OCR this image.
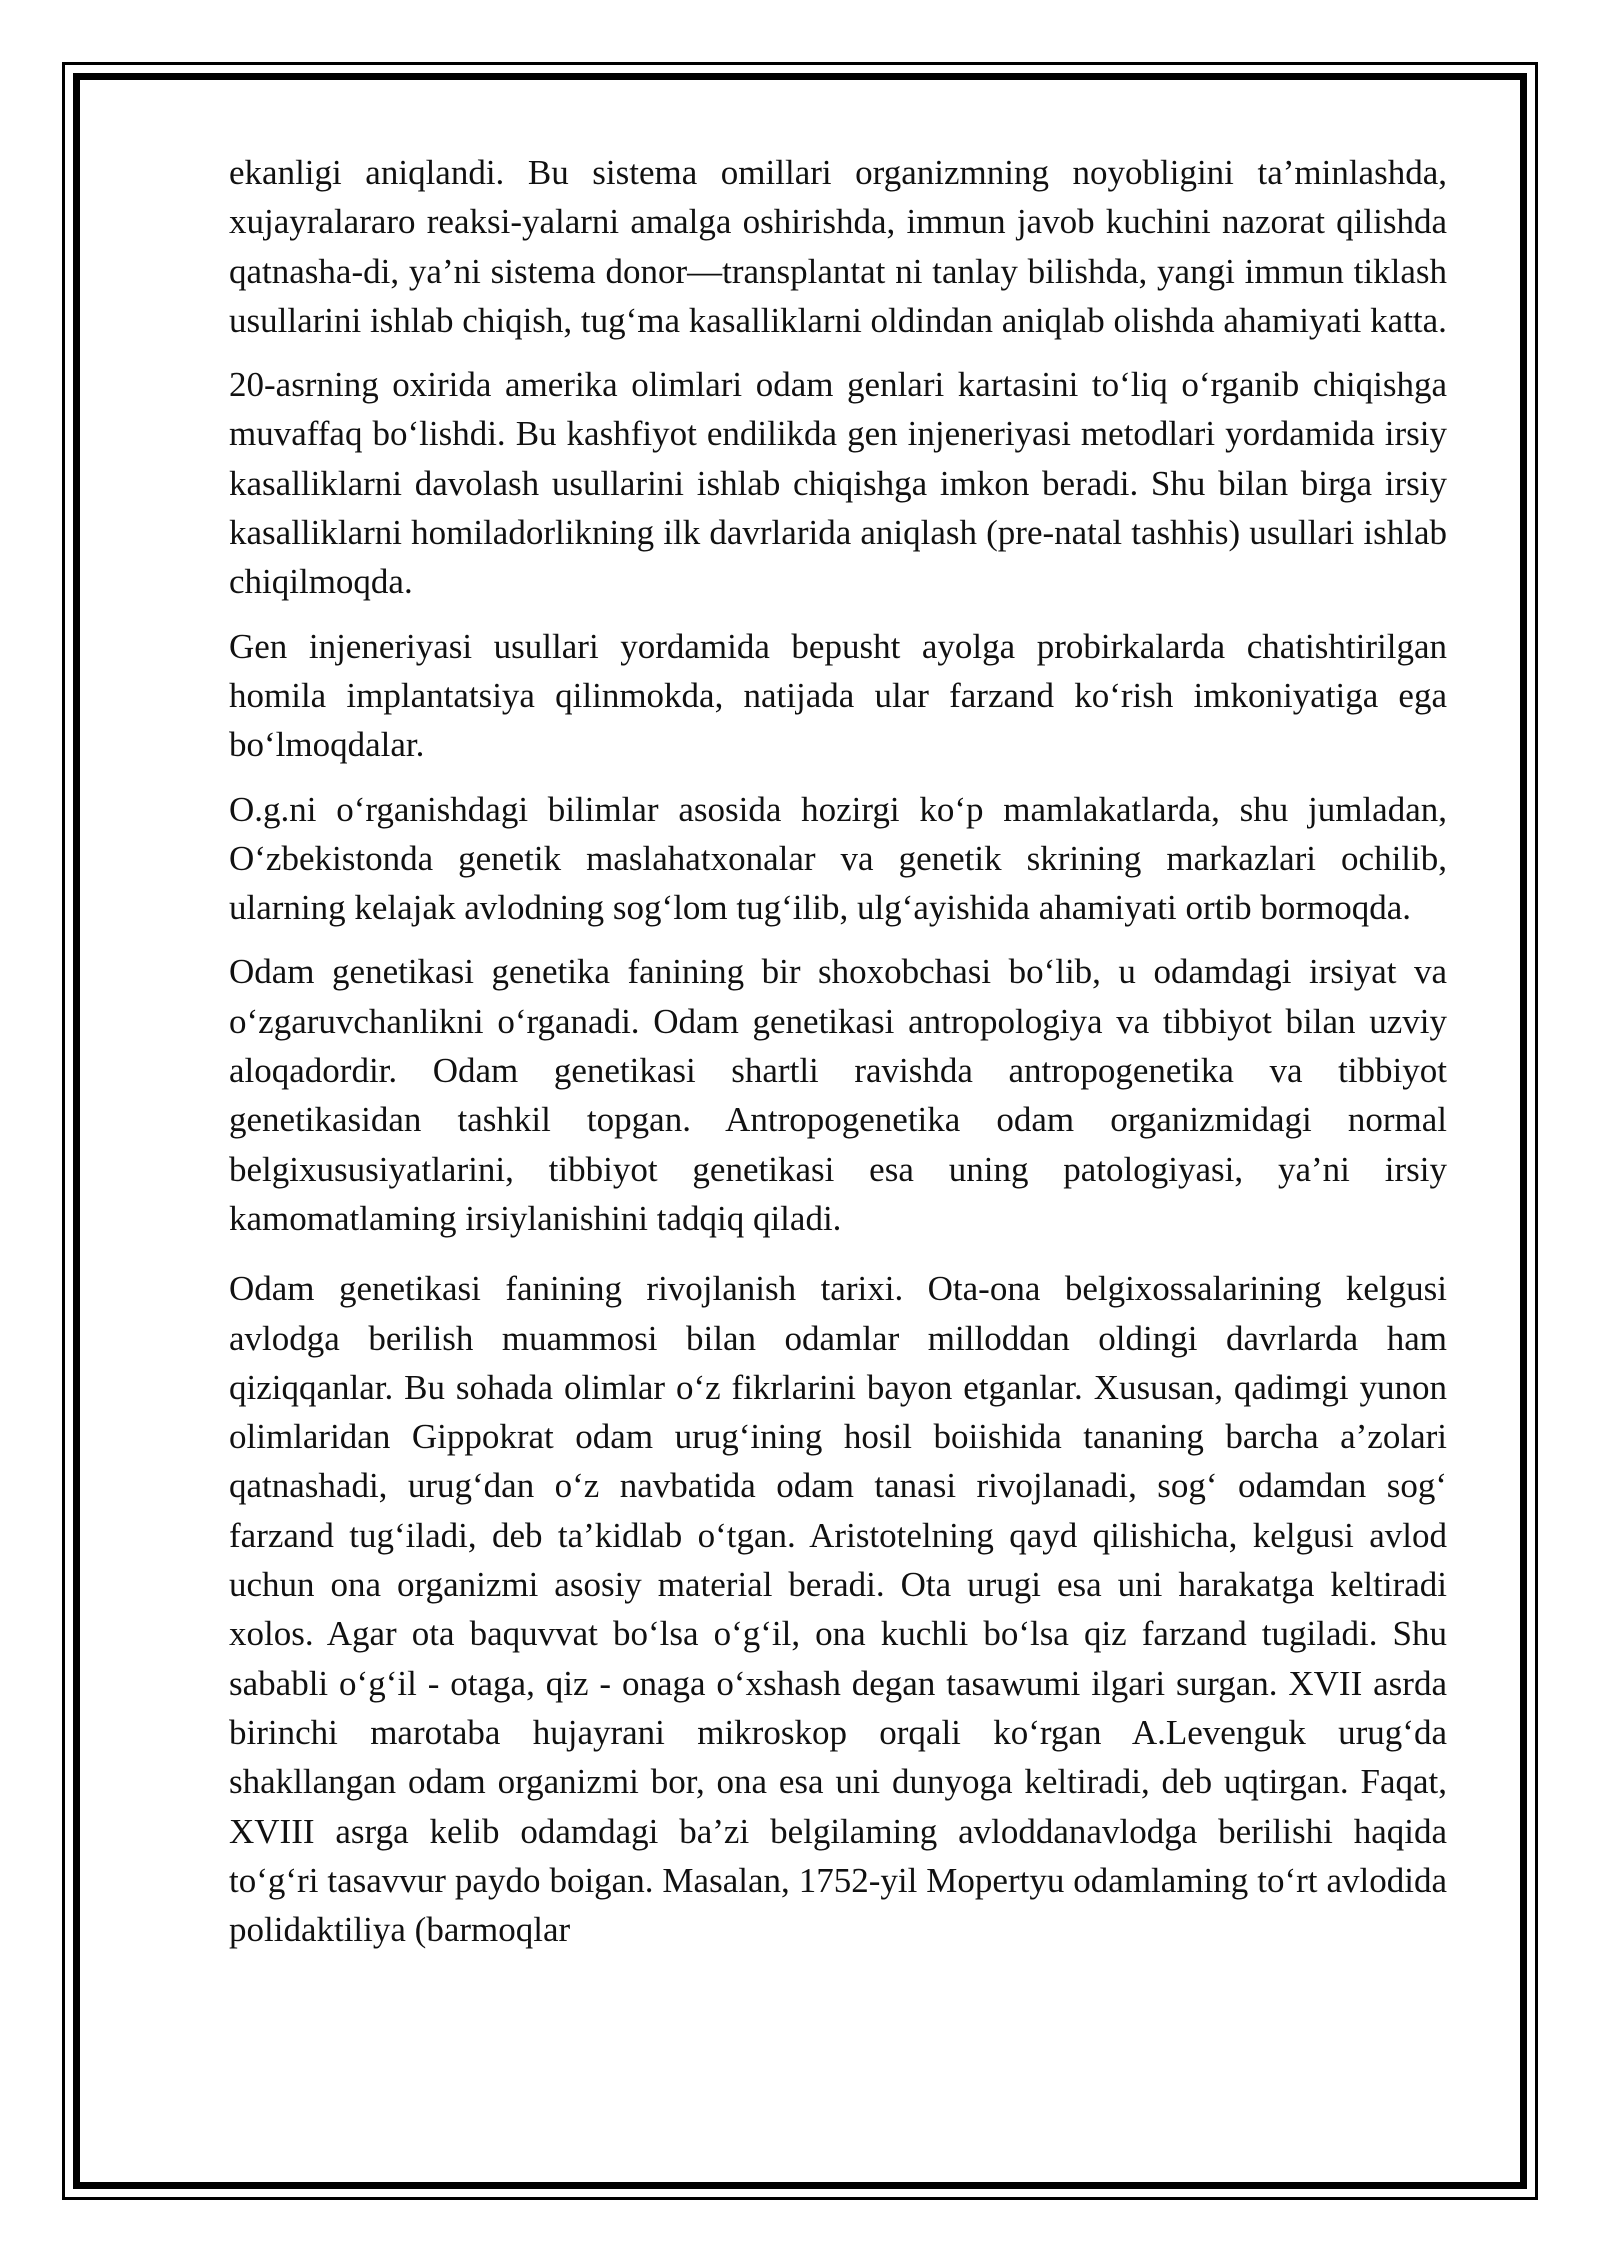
ekanligi aniqlandi. Bu sistema omillari organizmning noyobligini ta’minlashda, xujayralararo reaksi-yalarni amalga oshirishda, immun javob kuchini nazorat qilishda qatnasha-di, ya’ni sistema donor—transplantat ni tanlay bilishda, yangi immun tiklash usullarini ishlab chiqish, tug‘ma kasalliklarni oldindan aniqlab olishda ahamiyati katta.

20-asrning oxirida amerika olimlari odam genlari kartasini to‘liq o‘rganib chiqishga muvaffaq bo‘lishdi. Bu kashfiyot endilikda gen injeneriyasi metodlari yordamida irsiy kasalliklarni davolash usullarini ishlab chiqishga imkon beradi. Shu bilan birga irsiy kasalliklarni homiladorlikning ilk davrlarida aniqlash (pre-natal tashhis) usullari ishlab chiqilmoqda.

Gen injeneriyasi usullari yordamida bepusht ayolga probirkalarda chatishtirilgan homila implantatsiya qilinmokda, natijada ular farzand ko‘rish imkoniyatiga ega bo‘lmoqdalar.

O.g.ni o‘rganishdagi bilimlar asosida hozirgi ko‘p mamlakatlarda, shu jumladan, O‘zbekistonda genetik maslahatxonalar va genetik skrining markazlari ochilib, ularning kelajak avlodning sog‘lom tug‘ilib, ulg‘ayishida ahamiyati ortib bormoqda.

Odam genetikasi genetika fanining bir shoxobchasi bo‘lib, u odamdagi irsiyat va o‘zgaruvchanlikni o‘rganadi. Odam genetikasi antropologiya va tibbiyot bilan uzviy aloqadordir. Odam genetikasi shartli ravishda antropogenetika va tibbiyot genetikasidan tashkil topgan. Antropogenetika odam organizmidagi normal belgixususiyatlarini, tibbiyot genetikasi esa uning patologiyasi, ya’ni irsiy kamomatlaming irsiylanishini tadqiq qiladi.

Odam genetikasi fanining rivojlanish tarixi. Ota-ona belgixossalarining kelgusi avlodga berilish muammosi bilan odamlar milloddan oldingi davrlarda ham qiziqqanlar. Bu sohada olimlar o‘z fikrlarini bayon etganlar. Xususan, qadimgi yunon olimlaridan Gippokrat odam urug‘ining hosil boiishida tananing barcha a’zolari qatnashadi, urug‘dan o‘z navbatida odam tanasi rivojlanadi, sog‘ odamdan sog‘ farzand tug‘iladi, deb ta’kidlab o‘tgan. Aristotelning qayd qilishicha, kelgusi avlod uchun ona organizmi asosiy material beradi. Ota urugi esa uni harakatga keltiradi xolos. Agar ota baquvvat bo‘lsa o‘g‘il, ona kuchli bo‘lsa qiz farzand tugiladi. Shu sababli o‘g‘il - otaga, qiz - onaga o‘xshash degan tasawumi ilgari surgan. XVII asrda birinchi marotaba hujayrani mikroskop orqali ko‘rgan A.Levenguk urug‘da shakllangan odam organizmi bor, ona esa uni dunyoga keltiradi, deb uqtirgan. Faqat, XVIII asrga kelib odamdagi ba’zi belgilaming avloddanavlodga berilishi haqida to‘g‘ri tasavvur paydo boigan. Masalan, 1752-yil Mopertyu odamlaming to‘rt avlodida polidaktiliya (barmoqlar
